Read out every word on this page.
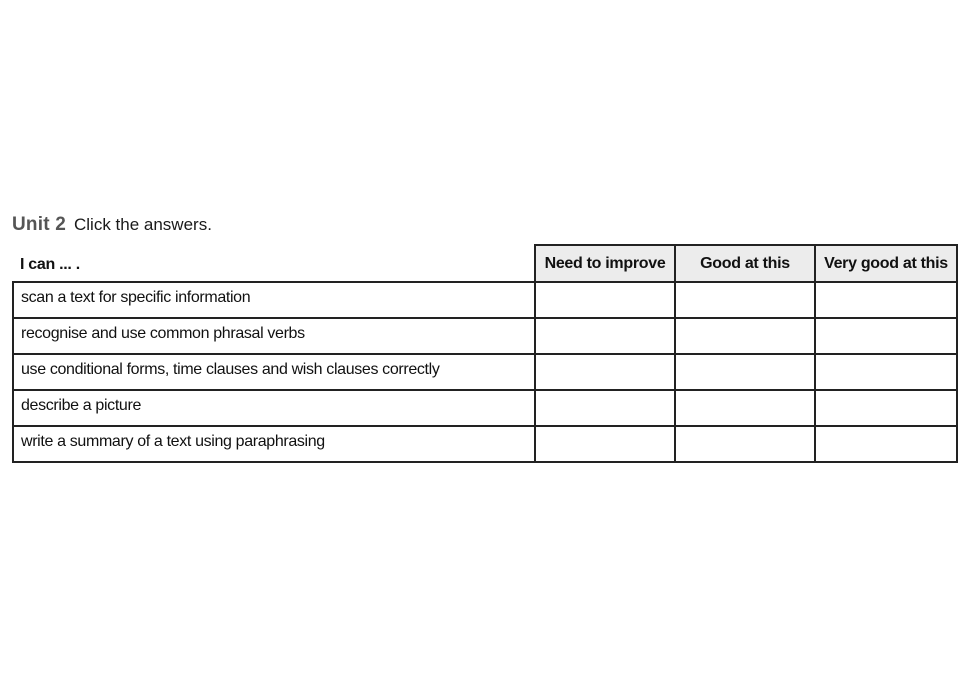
Unit 2 Click the answers.
I can ... .	Need to improve	Good at this	Very good at this
scan a text for specific information			
recognise and use common phrasal verbs			
use conditional forms, time clauses and wish clauses correctly			
describe a picture			
write a summary of a text using paraphrasing			
